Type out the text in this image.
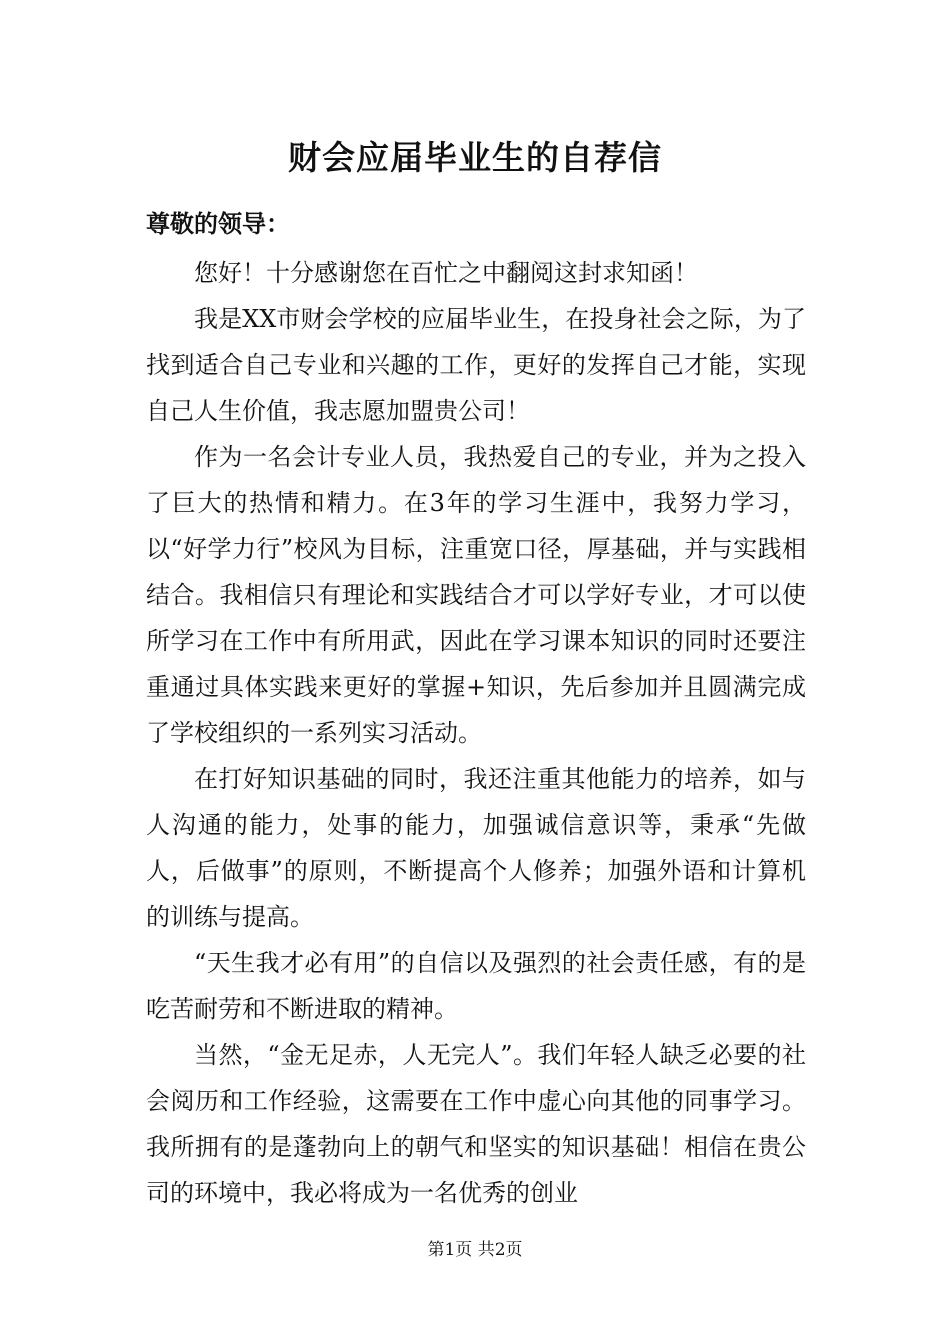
财会应届毕业生的自荐信
尊敬的领导：

您好！十分感谢您在百忙之中翻阅这封求知函！

我是XX市财会学校的应届毕业生，在投身社会之际，为了找到适合自己专业和兴趣的工作，更好的发挥自己才能，实现自己人生价值，我志愿加盟贵公司！

作为一名会计专业人员，我热爱自己的专业，并为之投入了巨大的热情和精力。在3年的学习生涯中，我努力学习，以“好学力行”校风为目标，注重宽口径，厚基础，并与实践相结合。我相信只有理论和实践结合才可以学好专业，才可以使所学习在工作中有所用武，因此在学习课本知识的同时还要注重通过具体实践来更好的掌握+知识，先后参加并且圆满完成了学校组织的一系列实习活动。

在打好知识基础的同时，我还注重其他能力的培养，如与人沟通的能力，处事的能力，加强诚信意识等，秉承“先做人，后做事”的原则，不断提高个人修养；加强外语和计算机的训练与提高。

“天生我才必有用”的自信以及强烈的社会责任感，有的是吃苦耐劳和不断进取的精神。

当然，“金无足赤，人无完人”。我们年轻人缺乏必要的社会阅历和工作经验，这需要在工作中虚心向其他的同事学习。我所拥有的是蓬勃向上的朝气和坚实的知识基础！相信在贵公司的环境中，我必将成为一名优秀的创业

第1页 共2页
